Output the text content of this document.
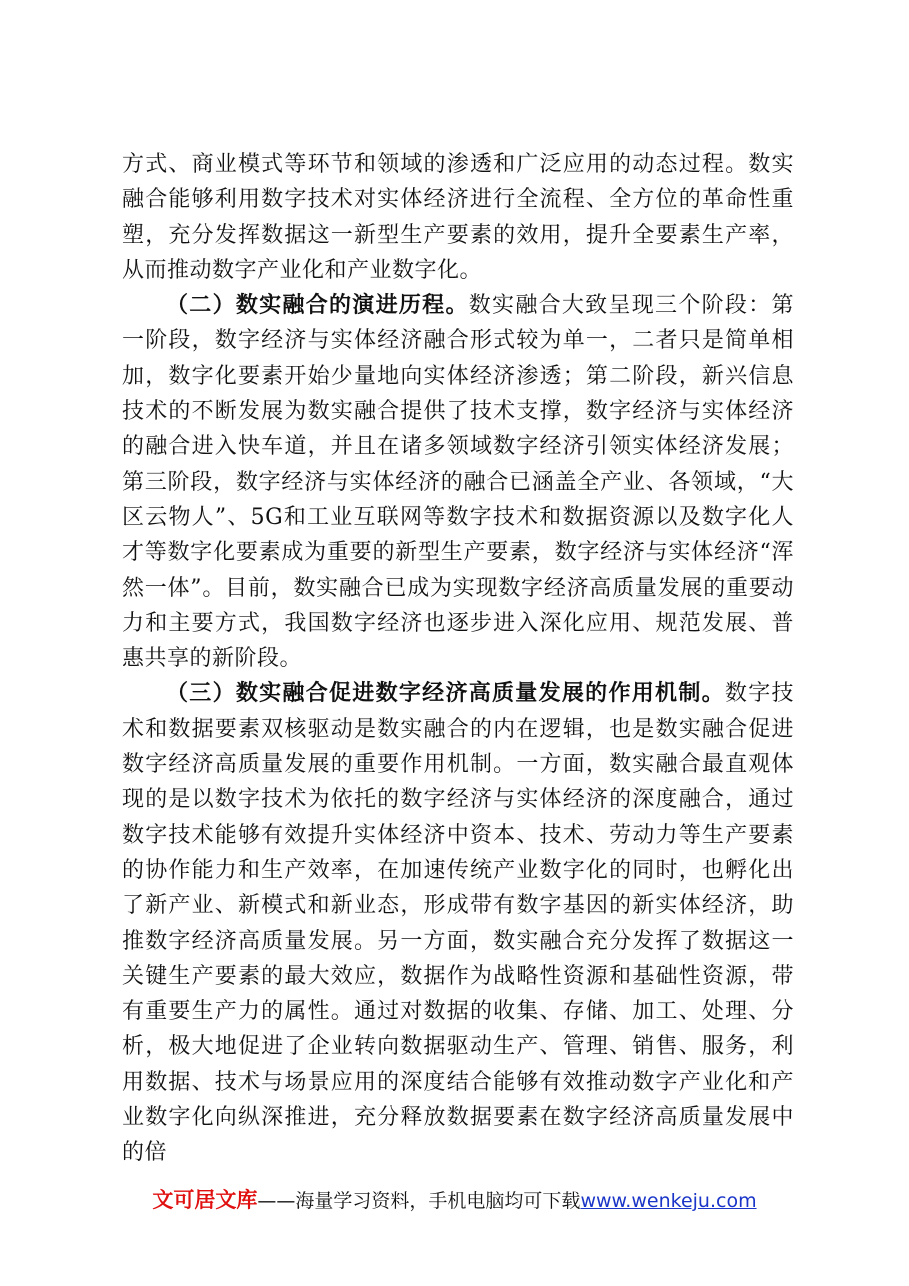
方式、商业模式等环节和领域的渗透和广泛应用的动态过程。数实融合能够利用数字技术对实体经济进行全流程、全方位的革命性重塑，充分发挥数据这一新型生产要素的效用，提升全要素生产率，从而推动数字产业化和产业数字化。

（二）数实融合的演进历程。数实融合大致呈现三个阶段：第一阶段，数字经济与实体经济融合形式较为单一，二者只是简单相加，数字化要素开始少量地向实体经济渗透；第二阶段，新兴信息技术的不断发展为数实融合提供了技术支撑，数字经济与实体经济的融合进入快车道，并且在诸多领域数字经济引领实体经济发展；第三阶段，数字经济与实体经济的融合已涵盖全产业、各领域，“大区云物人”、5G和工业互联网等数字技术和数据资源以及数字化人才等数字化要素成为重要的新型生产要素，数字经济与实体经济“浑然一体”。目前，数实融合已成为实现数字经济高质量发展的重要动力和主要方式，我国数字经济也逐步进入深化应用、规范发展、普惠共享的新阶段。

（三）数实融合促进数字经济高质量发展的作用机制。数字技术和数据要素双核驱动是数实融合的内在逻辑，也是数实融合促进数字经济高质量发展的重要作用机制。一方面，数实融合最直观体现的是以数字技术为依托的数字经济与实体经济的深度融合，通过数字技术能够有效提升实体经济中资本、技术、劳动力等生产要素的协作能力和生产效率，在加速传统产业数字化的同时，也孵化出了新产业、新模式和新业态，形成带有数字基因的新实体经济，助推数字经济高质量发展。另一方面，数实融合充分发挥了数据这一关键生产要素的最大效应，数据作为战略性资源和基础性资源，带有重要生产力的属性。通过对数据的收集、存储、加工、处理、分析，极大地促进了企业转向数据驱动生产、管理、销售、服务，利用数据、技术与场景应用的深度结合能够有效推动数字产业化和产业数字化向纵深推进，充分释放数据要素在数字经济高质量发展中的倍

文可居文库——海量学习资料，手机电脑均可下载www.wenkeju.com
